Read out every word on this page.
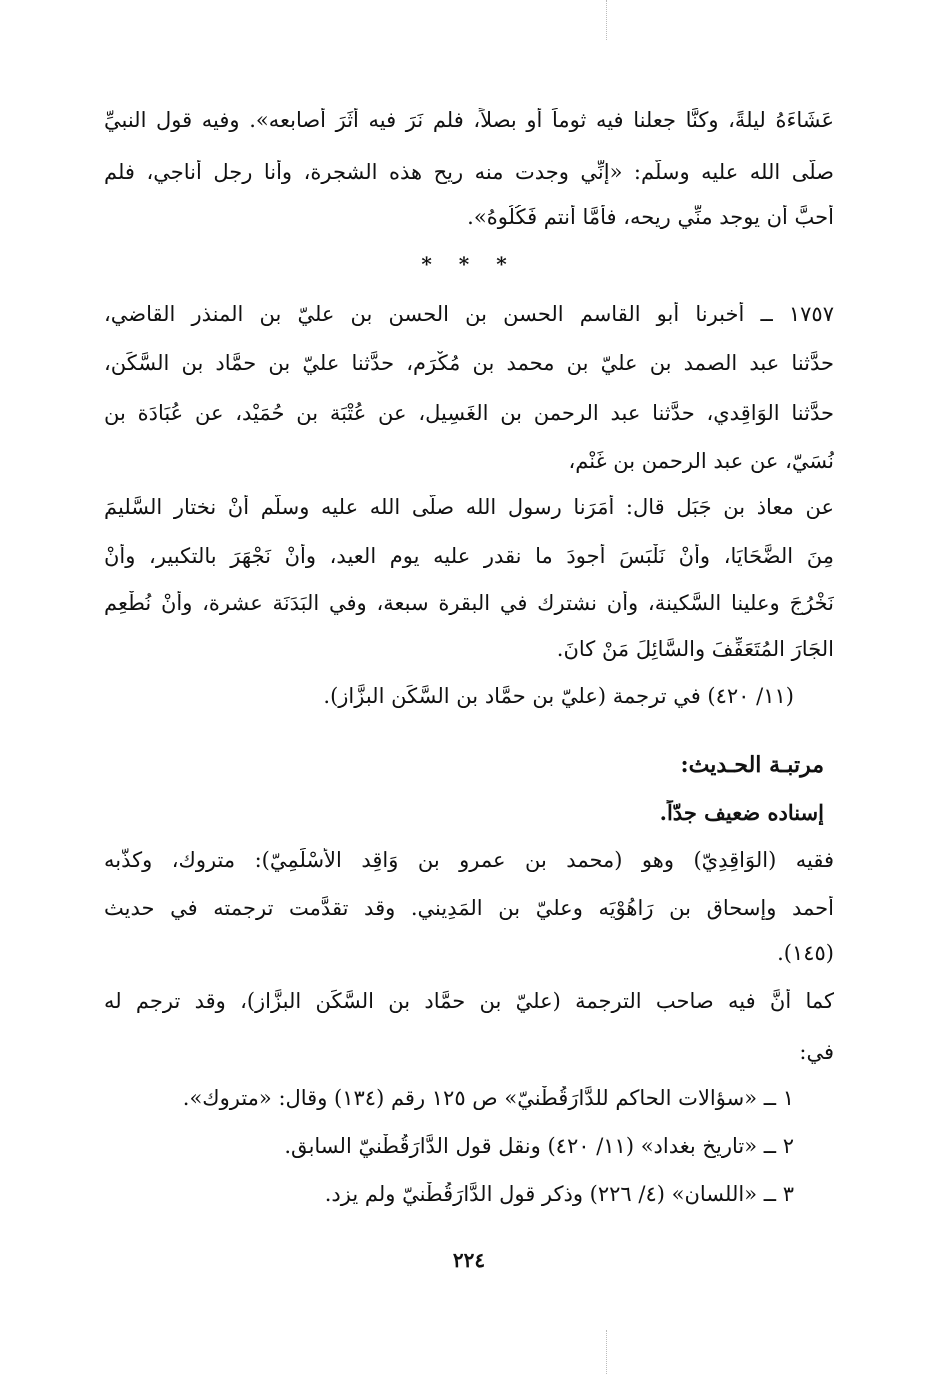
عَشَاءَهُ ليلةً، وكنَّا جعلنا فيه ثوماً أو بصلاً، فلم نَرَ فيه أثَرَ أصابعه». وفيه قول النبيِّ
صلَّى الله عليه وسلَّم: «إنِّي وجدت منه ريح هذه الشجرة، وأنا رجل أُناجي، فلم
أحبَّ أن يوجد منِّي ريحه، فأمَّا أنتم فَكُلُوهُ».
* * *
١٧٥٧ ــ أخبرنا أبو القاسم الحسن بن الحسن بن عليّ بن المنذر القاضي،
حدَّثنا عبد الصمد بن عليّ بن محمد بن مُكْرَم، حدَّثنا عليّ بن حمَّاد بن السَّكَن،
حدَّثنا الوَاقِدي، حدَّثنا عبد الرحمن بن الغَسِيل، عن عُتْبَة بن حُمَيْد، عن عُبَادَة بن
نُسَيّ، عن عبد الرحمن بن غَنْم،
عن معاذ بن جَبَل قال: أَمَرَنا رسول الله صلَّى الله عليه وسلَّم أَنْ نختار السَّليمَ
مِنَ الضَّحَايَا، وأَنْ نَلْبَسَ أجودَ ما نقدر عليه يوم العيد، وأَنْ نَجْهَرَ بالتكبير، وأَنْ
نَخْرُجَ وعلينا السَّكينة، وأَن نشترك في البقرة سبعة، وفي البَدَنَة عشرة، وأَنْ نُطْعِم
الجَارَ المُتَعَفِّفَ والسَّائِلَ مَنْ كانَ.
(١١/ ٤٢٠) في ترجمة (عليّ بن حمَّاد بن السَّكَن البزَّاز).
مرتبـة الحـديث:
إسناده ضعيف جدّاً.
فقيه (الوَاقِدِيّ) وهو (محمد بن عمرو بن وَاقِد الأَسْلَمِيّ): متروك، وكذَّبه
أحمد وإسحاق بن رَاهُوْيَه وعليّ بن المَدِيني. وقد تقدَّمت ترجمته في حديث
(١٤٥).
كما أَنَّ فيه صاحب الترجمة (عليّ بن حمَّاد بن السَّكَن البزَّاز)، وقد ترجم له
في:
١ ــ «سؤالات الحاكم للدَّارَقُطْنيّ» ص ١٢٥ رقم (١٣٤) وقال: «متروك».
٢ ــ «تاريخ بغداد» (١١/ ٤٢٠) ونقل قول الدَّارَقُطْنيّ السابق.
٣ ــ «اللسان» (٤/ ٢٢٦) وذكر قول الدَّارَقُطْنيّ ولم يزد.
٢٢٤
